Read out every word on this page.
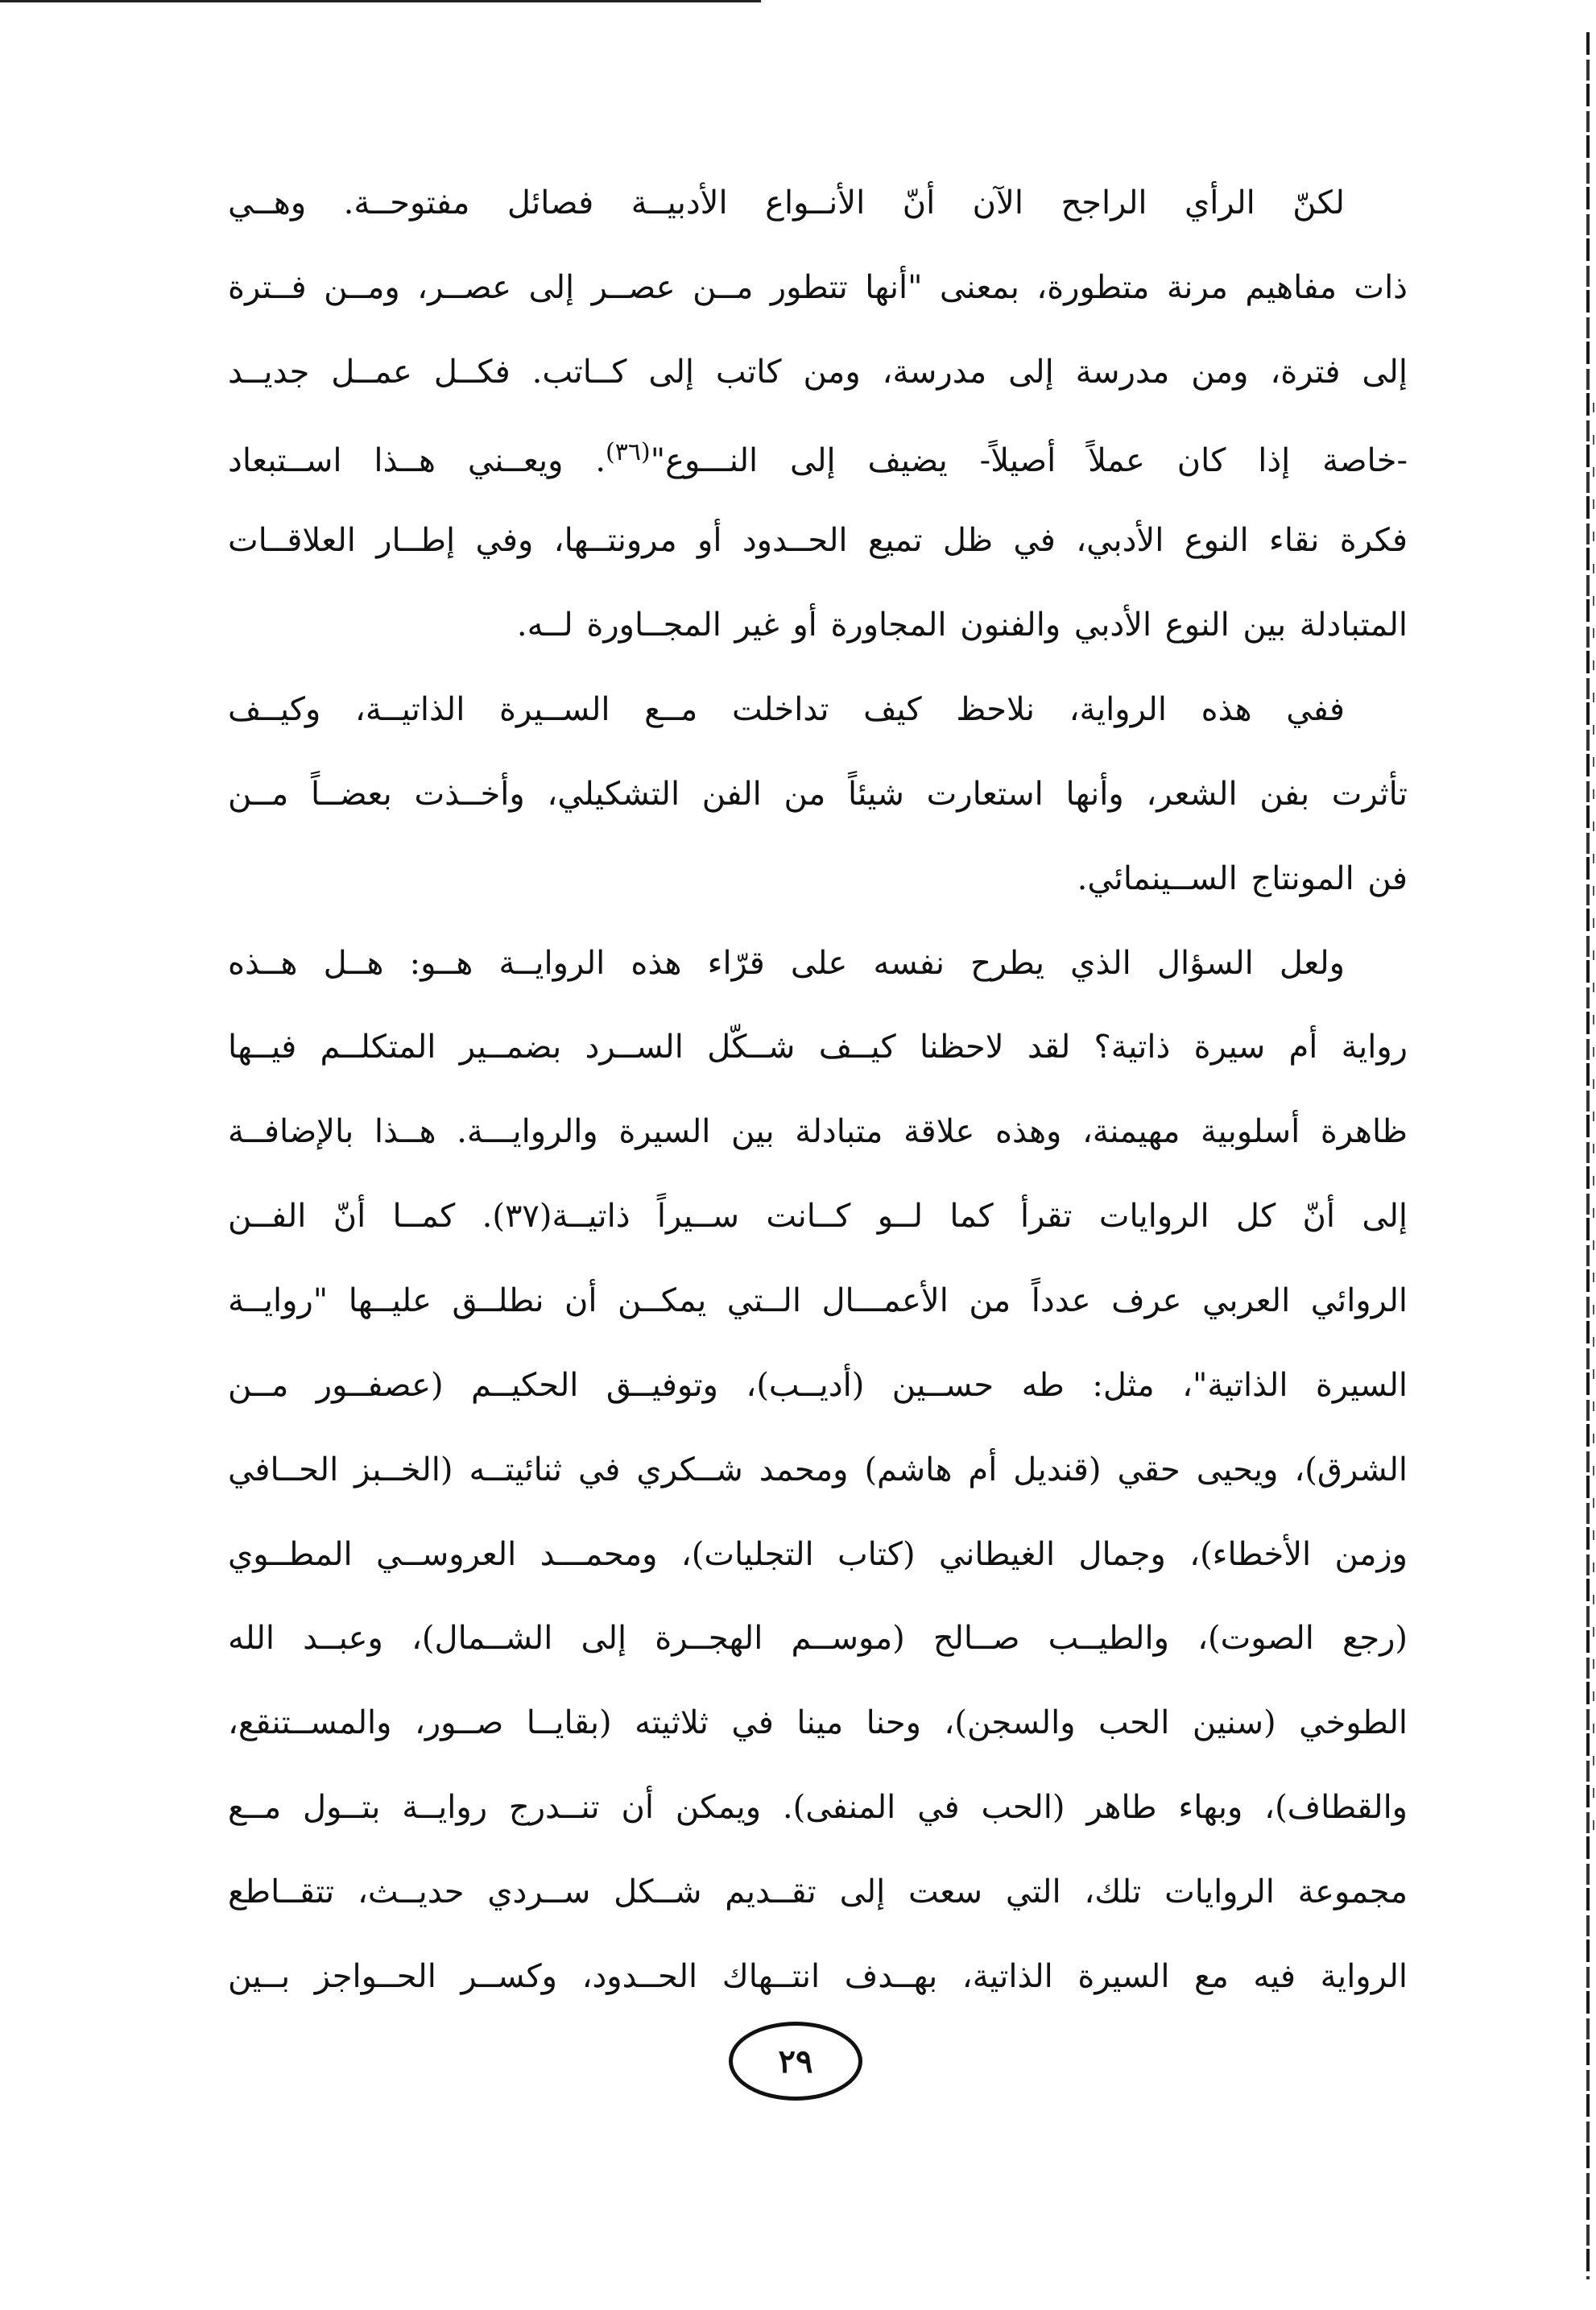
لكنّ الرأي الراجح الآن أنّ الأنــواع الأدبيــة فصائل مفتوحــة. وهــي
ذات مفاهيم مرنة متطورة، بمعنى "أنها تتطور مــن عصــر إلى عصــر، ومــن فــترة
إلى فترة، ومن مدرسة إلى مدرسة، ومن كاتب إلى كــاتب. فكــل عمــل جديــد
-خاصة إذا كان عملاً أصيلاً- يضيف إلى النـــوع"$^{(٣٦)}$. ويعــني هــذا اســتبعاد
فكرة نقاء النوع الأدبي، في ظل تميع الحــدود أو مرونتــها، وفي إطــار العلاقــات
المتبادلة بين النوع الأدبي والفنون المجاورة أو غير المجــاورة لــه.
ففي هذه الرواية، نلاحظ كيف تداخلت مــع الســيرة الذاتيــة، وكيــف
تأثرت بفن الشعر، وأنها استعارت شيئاً من الفن التشكيلي، وأخــذت بعضــاً مــن
فن المونتاج الســينمائي.
ولعل السؤال الذي يطرح نفسه على قرّاء هذه الروايــة هــو: هــل هــذه
رواية أم سيرة ذاتية؟ لقد لاحظنا كيــف شــكّل الســرد بضمــير المتكلــم فيــها
ظاهرة أسلوبية مهيمنة، وهذه علاقة متبادلة بين السيرة والروايـــة. هــذا بالإضافــة
إلى أنّ كل الروايات تقرأ كما لــو كــانت ســيراً ذاتيــة(٣٧). كمــا أنّ الفــن
الروائي العربي عرف عدداً من الأعمـــال الــتي يمكــن أن نطلــق عليــها "روايــة
السيرة الذاتية"، مثل: طه حســين (أديــب)، وتوفيــق الحكيــم (عصفــور مــن
الشرق)، ويحيى حقي (قنديل أم هاشم) ومحمد شــكري في ثنائيتــه (الخــبز الحــافي
وزمن الأخطاء)، وجمال الغيطاني (كتاب التجليات)، ومحمـــد العروســي المطــوي
(رجع الصوت)، والطيــب صــالح (موســم الهجــرة إلى الشــمال)، وعبــد الله
الطوخي (سنين الحب والسجن)، وحنا مينا في ثلاثيته (بقايــا صــور، والمســتنقع،
والقطاف)، وبهاء طاهر (الحب في المنفى). ويمكن أن تنــدرج روايــة بتــول مــع
مجموعة الروايات تلك، التي سعت إلى تقــديم شــكل ســردي حديــث، تتقــاطع
الرواية فيه مع السيرة الذاتية، بهــدف انتــهاك الحــدود، وكســر الحــواجز بــين
٢٩
